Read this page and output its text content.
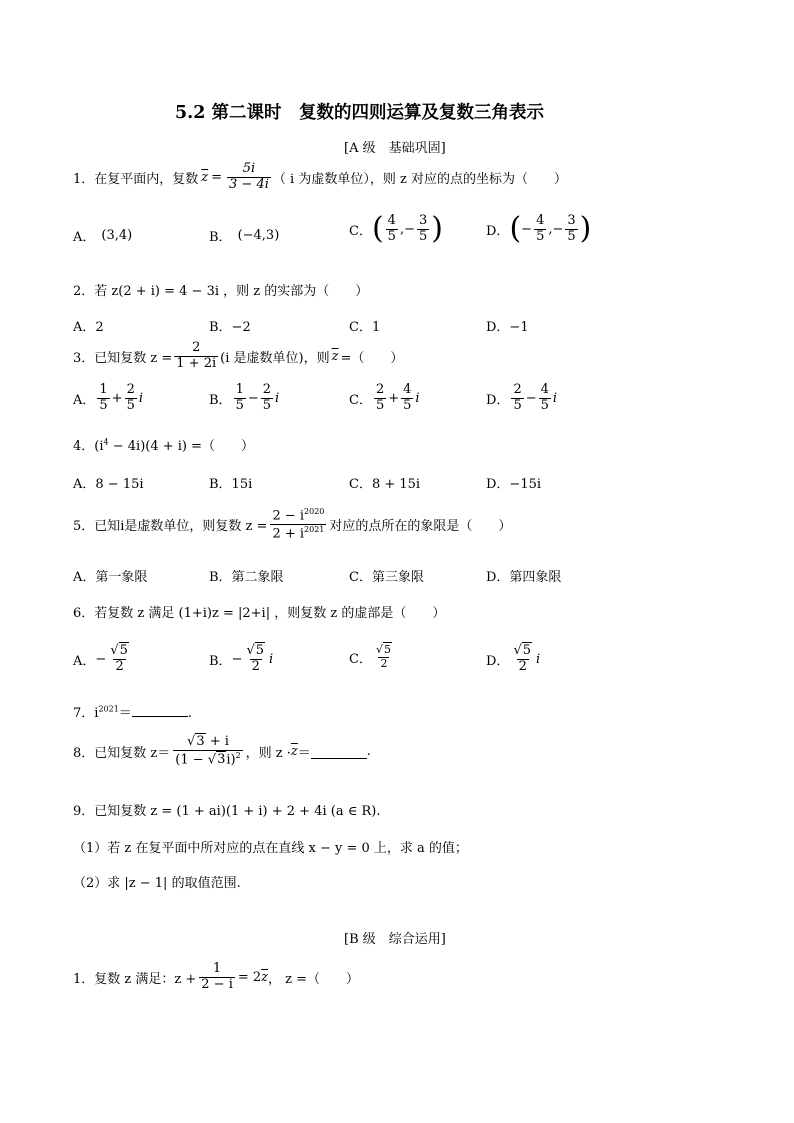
5.2 第二课时　复数的四则运算及复数三角表示
[A 级　基础巩固]
1．在复平面内，复数 $\overline{z} = \frac{5i}{3 - 4i}$ （ i 为虚数单位），则 z 对应的点的坐标为（　　）
A． (3,4)	B． (−4,3)	C． ( $\frac{4}{5}$ ,− $\frac{3}{5}$ )	D． ( − $\frac{4}{5}$ ,− $\frac{3}{5}$ )
2．若 z(2 + i) = 4 − 3i ，则 z 的实部为（　　）
A．2	B．−2	C．1	D．−1
3．已知复数 $z = \frac{2}{1 + 2i} (i$ 是虚数单位)，则 $\overline{z}$ =（　　）
A． $\frac{1}{5} + \frac{2}{5}$ i	B． $\frac{1}{5} - \frac{2}{5}$ i	C． $\frac{2}{5} + \frac{4}{5}$ i	D． $\frac{2}{5} - \frac{4}{5}$ i
4．$(i^4 - 4i)(4 + i)$ =（　　）
A．8 − 15i	B．15i	C．8 + 15i	D．−15i
5．已知i是虚数单位，则复数 $z = \frac{2 - i^{2020}}{2 + i^{2021}}$ 对应的点所在的象限是（　　）
A．第一象限	B．第二象限	C．第三象限	D．第四象限
6．若复数 z 满足 (1+i)z = |2+i| ，则复数 z 的虚部是（　　）
A． − $\frac{√5}{2}$	B． − $\frac{√5}{2}$ i	C．
√5
2	D．
√5
2 i
7．$i^{2021}=$	.
8．已知复数 z＝
√3 + i
$(1 - √3i)^2$ ，则 $z \cdot \overline{z}$ ＝	.
9．已知复数 z = (1 + ai)(1 + i) + 2 + 4i (a ∈ R).
（1）若 z 在复平面中所对应的点在直线 x − y = 0 上，求 a 的值；
（2）求 |z − 1| 的取值范围.
[B 级　综合运用]
1．复数 z 满足：$z + \frac{1}{2 - i} = 2$ $\overline{z}$ ， z =（　　）
